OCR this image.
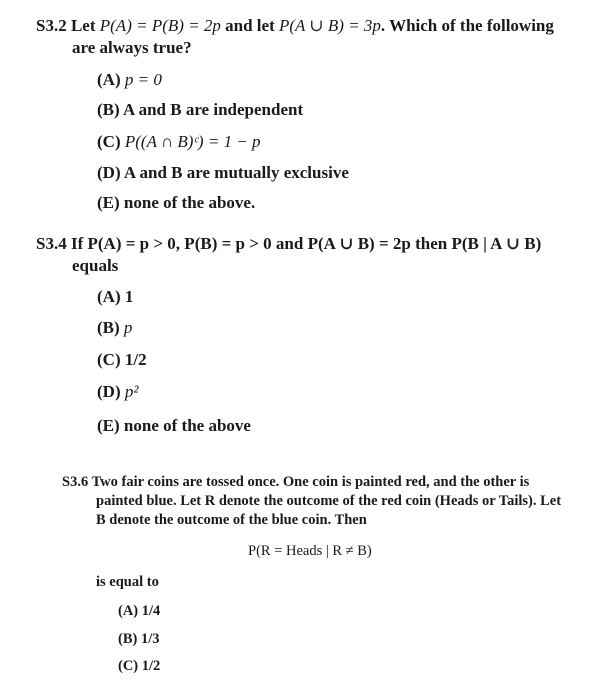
S3.2 Let P(A) = P(B) = 2p and let P(A ∪ B) = 3p. Which of the following
are always true?
(A) p = 0
(B) A and B are independent
(C) P((A ∩ B)ᶜ) = 1 − p
(D) A and B are mutually exclusive
(E) none of the above.
S3.4 If P(A) = p > 0, P(B) = p > 0 and P(A ∪ B) = 2p then P(B | A ∪ B)
equals
(A) 1
(B) p
(C) 1/2
(D) p²
(E) none of the above
S3.6 Two fair coins are tossed once. One coin is painted red, and the other is
painted blue. Let R denote the outcome of the red coin (Heads or Tails). Let
B denote the outcome of the blue coin. Then
P(R = Heads | R ≠ B)
is equal to
(A) 1/4
(B) 1/3
(C) 1/2
